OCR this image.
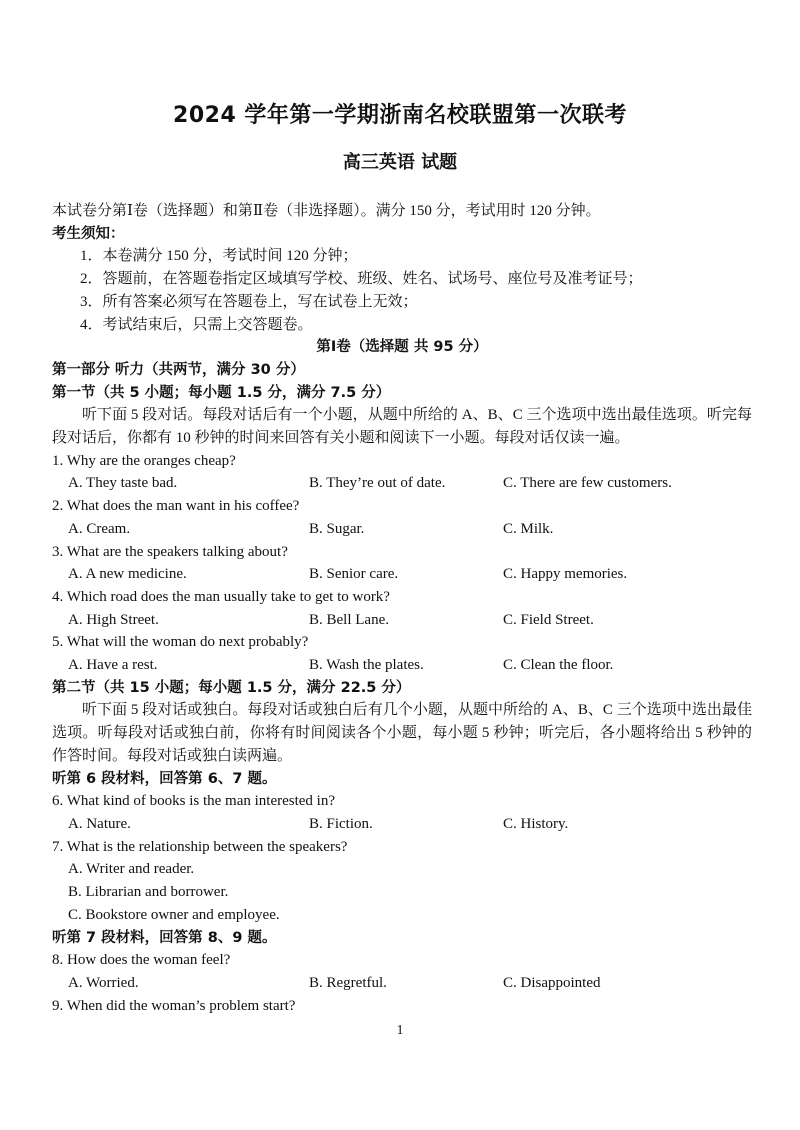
2024 学年第一学期浙南名校联盟第一次联考
高三英语 试题
本试卷分第Ⅰ卷（选择题）和第Ⅱ卷（非选择题）。满分 150 分，考试用时 120 分钟。
考生须知：
1．本卷满分 150 分，考试时间 120 分钟；
2．答题前，在答题卷指定区域填写学校、班级、姓名、试场号、座位号及准考证号；
3．所有答案必须写在答题卷上，写在试卷上无效；
4．考试结束后，只需上交答题卷。
第Ⅰ卷（选择题 共 95 分）
第一部分 听力（共两节，满分 30 分）
第一节（共 5 小题；每小题 1.5 分，满分 7.5 分）
听下面 5 段对话。每段对话后有一个小题，从题中所给的 A、B、C 三个选项中选出最佳选项。听完每段对话后，你都有 10 秒钟的时间来回答有关小题和阅读下一小题。每段对话仅读一遍。
1. Why are the oranges cheap?
A. They taste bad.	B. They’re out of date.	C. There are few customers.
2. What does the man want in his coffee?
A. Cream.	B. Sugar.	C. Milk.
3. What are the speakers talking about?
A. A new medicine.	B. Senior care.	C. Happy memories.
4. Which road does the man usually take to get to work?
A. High Street.	B. Bell Lane.	C. Field Street.
5. What will the woman do next probably?
A. Have a rest.	B. Wash the plates.	C. Clean the floor.
第二节（共 15 小题；每小题 1.5 分，满分 22.5 分）
听下面 5 段对话或独白。每段对话或独白后有几个小题，从题中所给的 A、B、C 三个选项中选出最佳选项。听每段对话或独白前，你将有时间阅读各个小题，每小题 5 秒钟；听完后，各小题将给出 5 秒钟的作答时间。每段对话或独白读两遍。
听第 6 段材料，回答第 6、7 题。
6. What kind of books is the man interested in?
A. Nature.	B. Fiction.	C. History.
7. What is the relationship between the speakers?
A. Writer and reader.
B. Librarian and borrower.
C. Bookstore owner and employee.
听第 7 段材料，回答第 8、9 题。
8. How does the woman feel?
A. Worried.	B. Regretful.	C. Disappointed
9. When did the woman’s problem start?
1
